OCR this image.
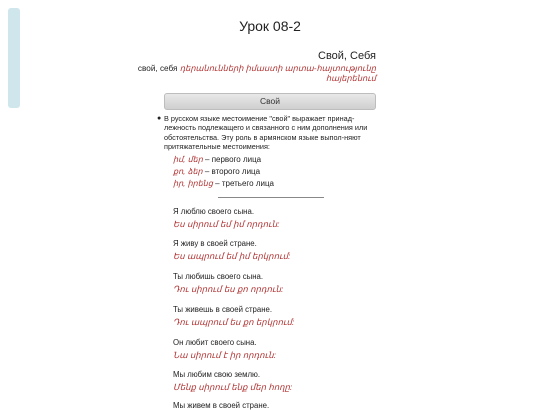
Урок 08-2
Свой, Себя
свой, себя դերանունների իմաստի արտա-հայտությունը հայերենում
Свой
● В русском языке местоимение "свой" выражает принад-лежность подлежащего и связанного с ним дополнения или обстоятельства. Эту роль в армянском языке выпол-няют притяжательные местоимения:
իմ, մեր – первого лица
քո, ձեր – второго лица
իր, իրենց – третьего лица
Я люблю своего сына.
Ես սիրում եմ իմ որդուն:
Я живу в своей стране.
Ես ապրում եմ իմ երկրում:
Ты любишь своего сына.
Դու սիրում ես քո որդուն:
Ты живешь в своей стране.
Դու ապրում ես քո երկրում:
Он любит своего сына.
Նա սիրում է իր որդուն:
Мы любим свою землю.
Մենք սիրում ենք մեր հողը:
Мы живем в своей стране.
